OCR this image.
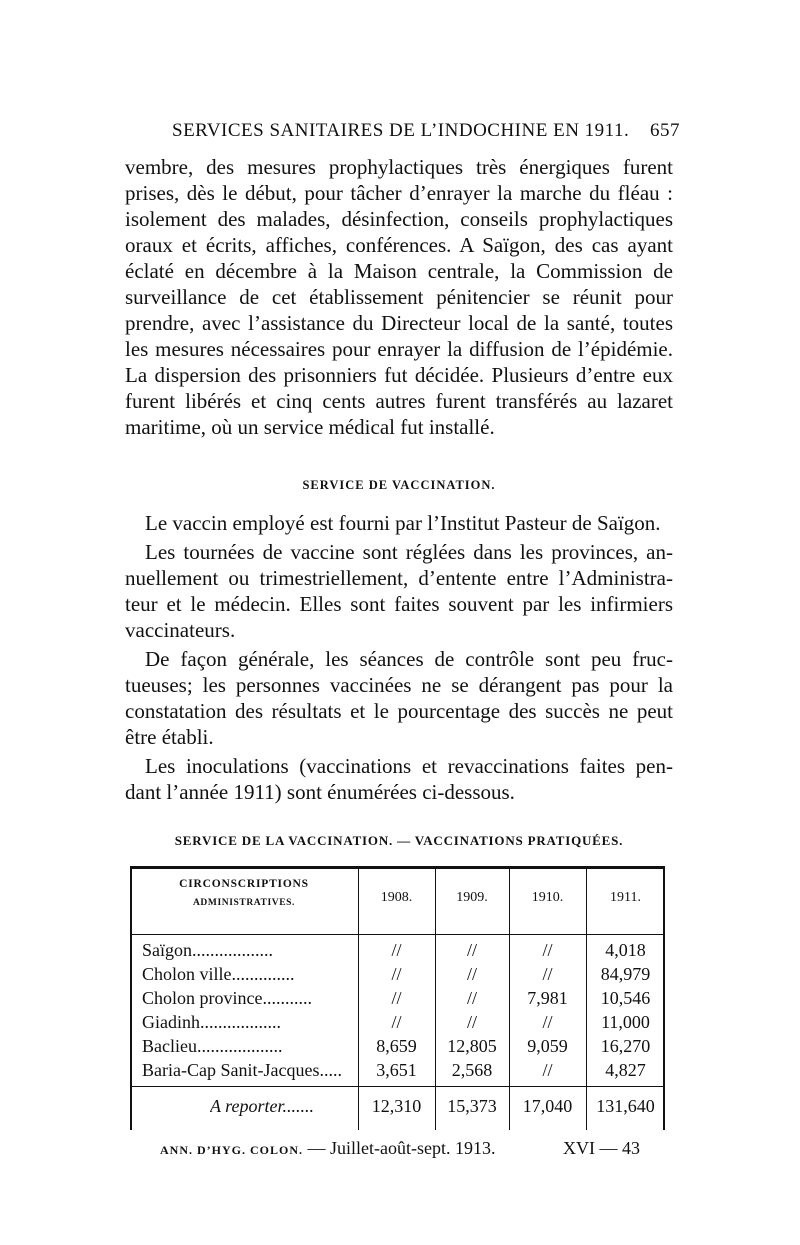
SERVICES SANITAIRES DE L’INDOCHINE EN 1911. 657
vembre, des mesures prophylactiques très énergiques furent
prises, dès le début, pour tâcher d’enrayer la marche du fléau :
isolement des malades, désinfection, conseils prophylactiques
oraux et écrits, affiches, conférences. A Saïgon, des cas ayant
éclaté en décembre à la Maison centrale, la Commission de
surveillance de cet établissement pénitencier se réunit pour
prendre, avec l’assistance du Directeur local de la santé, toutes
les mesures nécessaires pour enrayer la diffusion de l’épidémie.
La dispersion des prisonniers fut décidée. Plusieurs d’entre eux
furent libérés et cinq cents autres furent transférés au lazaret
maritime, où un service médical fut installé.
SERVICE DE VACCINATION.
Le vaccin employé est fourni par l’Institut Pasteur de Saïgon.
Les tournées de vaccine sont réglées dans les provinces, an-
nuellement ou trimestriellement, d’entente entre l’Administra-
teur et le médecin. Elles sont faites souvent par les infirmiers
vaccinateurs.
De façon générale, les séances de contrôle sont peu fruc-
tueuses; les personnes vaccinées ne se dérangent pas pour la
constatation des résultats et le pourcentage des succès ne peut
être établi.
Les inoculations (vaccinations et revaccinations faites pen-
dant l’année 1911) sont énumérées ci-dessous.
SERVICE DE LA VACCINATION. — VACCINATIONS PRATIQUÉES.
CIRCONSCRIPTIONS
ADMINISTRATIVES.	1908.	1909.	1910.	1911.
Saïgon..................	//	//	//	4,018
Cholon ville..............	//	//	//	84,979
Cholon province...........	//	//	7,981	10,546
Giadinh..................	//	//	//	11,000
Baclieu...................	8,659	12,805	9,059	16,270
Baria-Cap Sanit-Jacques.....	3,651	2,568	//	4,827
A reporter.......	12,310	15,373	17,040	131,640
ANN. D’HYG. COLON. — Juillet-août-sept. 1913.	XVI — 43
